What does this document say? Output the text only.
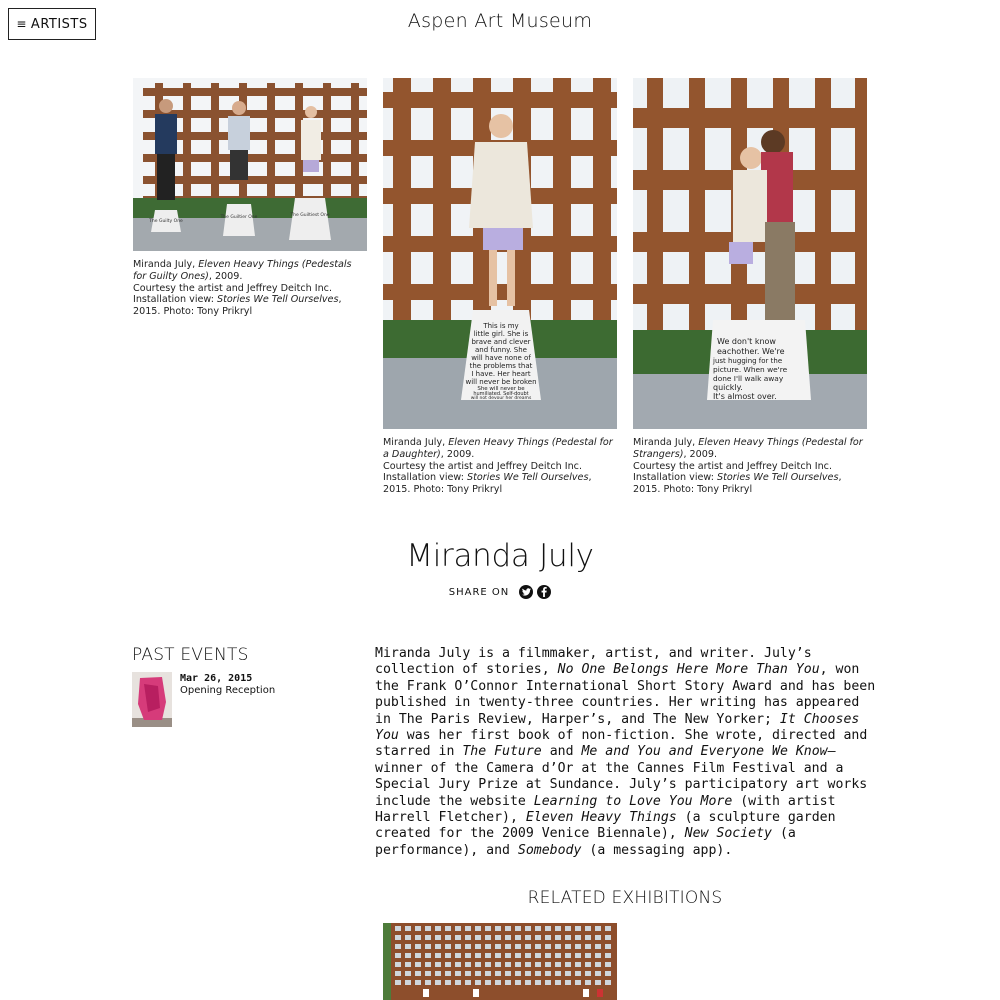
≡ ARTISTS	Aspen Art Museum
The Guilty One
The Guiltier One	The Guiltiest One
Miranda July, Eleven Heavy Things (Pedestals for Guilty Ones), 2009.
Courtesy the artist and Jeffrey Deitch Inc.
Installation view: Stories We Tell Ourselves, 2015. Photo: Tony Prikryl
This is my
little girl. She is
brave and clever
and funny. She
will have none of
the problems that
I have. Her heart
will never be broken
She will never be
humiliated. Self-doubt
will not devour her dreams
Miranda July, Eleven Heavy Things (Pedestal for a Daughter), 2009.
Courtesy the artist and Jeffrey Deitch Inc.
Installation view: Stories We Tell Ourselves, 2015. Photo: Tony Prikryl
We don't know
eachother. We're
just hugging for the
picture. When we're
done I'll walk away
quickly.
It's almost over.
Miranda July, Eleven Heavy Things (Pedestal for Strangers), 2009.
Courtesy the artist and Jeffrey Deitch Inc.
Installation view: Stories We Tell Ourselves, 2015. Photo: Tony Prikryl
Miranda July
SHARE ON
PAST EVENTS
Mar 26, 2015
Opening Reception
Miranda July is a filmmaker, artist, and writer. July’s collection of stories, No One Belongs Here More Than You, won the Frank O’Connor International Short Story Award and has been published in twenty-three countries. Her writing has appeared in The Paris Review, Harper’s, and The New Yorker; It Chooses You was her first book of non-fiction. She wrote, directed and starred in The Future and Me and You and Everyone We Know—winner of the Camera d’Or at the Cannes Film Festival and a Special Jury Prize at Sundance. July’s participatory art works include the website Learning to Love You More (with artist Harrell Fletcher), Eleven Heavy Things (a sculpture garden created for the 2009 Venice Biennale), New Society (a performance), and Somebody (a messaging app).
RELATED EXHIBITIONS
